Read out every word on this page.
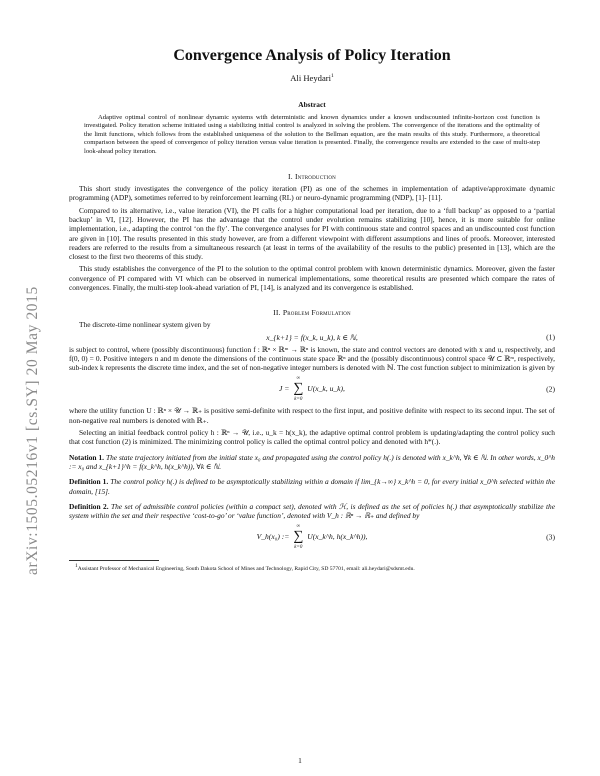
arXiv:1505.05216v1 [cs.SY] 20 May 2015
Convergence Analysis of Policy Iteration
Ali Heydari$^1$
Abstract
Adaptive optimal control of nonlinear dynamic systems with deterministic and known dynamics under a known undiscounted infinite-horizon cost function is investigated. Policy iteration scheme initiated using a stabilizing initial control is analyzed in solving the problem. The convergence of the iterations and the optimality of the limit functions, which follows from the established uniqueness of the solution to the Bellman equation, are the main results of this study. Furthermore, a theoretical comparison between the speed of convergence of policy iteration versus value iteration is presented. Finally, the convergence results are extended to the case of multi-step look-ahead policy iteration.
I. Introduction

This short study investigates the convergence of the policy iteration (PI) as one of the schemes in implementation of adaptive/approximate dynamic programming (ADP), sometimes referred to by reinforcement learning (RL) or neuro-dynamic programming (NDP), [1]- [11].

Compared to its alternative, i.e., value iteration (VI), the PI calls for a higher computational load per iteration, due to a ‘full backup’ as opposed to a ‘partial backup’ in VI, [12]. However, the PI has the advantage that the control under evolution remains stabilizing [10], hence, it is more suitable for online implementation, i.e., adapting the control ‘on the fly’. The convergence analyses for PI with continuous state and control spaces and an undiscounted cost function are given in [10]. The results presented in this study however, are from a different viewpoint with different assumptions and lines of proofs. Moreover, interested readers are referred to the results from a simultaneous research (at least in terms of the availability of the results to the public) presented in [13], which are the closest to the first two theorems of this study.

This study establishes the convergence of the PI to the solution to the optimal control problem with known deterministic dynamics. Moreover, given the faster convergence of PI compared with VI which can be observed in numerical implementations, some theoretical results are presented which compare the rates of convergences. Finally, the multi-step look-ahead variation of PI, [14], is analyzed and its convergence is established.

II. Problem Formulation

The discrete-time nonlinear system given by

x_{k+1} = f(x_k, u_k), k ∈ ℕ,	(1)

is subject to control, where (possibly discontinuous) function f : ℝⁿ × ℝᵐ → ℝⁿ is known, the state and control vectors are denoted with x and u, respectively, and f(0, 0) = 0. Positive integers n and m denote the dimensions of the continuous state space ℝⁿ and the (possibly discontinuous) control space 𝒰 ⊂ ℝᵐ, respectively, sub-index k represents the discrete time index, and the set of non-negative integer numbers is denoted with ℕ. The cost function subject to minimization is given by

J =
∞
∑
k=0
U(x_k, u_k),	(2)

where the utility function U : ℝⁿ × 𝒰 → ℝ₊ is positive semi-definite with respect to the first input, and positive definite with respect to its second input. The set of non-negative real numbers is denoted with ℝ₊.

Selecting an initial feedback control policy h : ℝⁿ → 𝒰, i.e., u_k = h(x_k), the adaptive optimal control problem is updating/adapting the control policy such that cost function (2) is minimized. The minimizing control policy is called the optimal control policy and denoted with h*(.).

Notation 1. The state trajectory initiated from the initial state x₀ and propagated using the control policy h(.) is denoted with x_k^h, ∀k ∈ ℕ. In other words, x_0^h := x₀ and x_{k+1}^h = f(x_k^h, h(x_k^h)), ∀k ∈ ℕ.

Definition 1. The control policy h(.) is defined to be asymptotically stabilizing within a domain if lim_{k→∞} x_k^h = 0, for every initial x_0^h selected within the domain, [15].

Definition 2. The set of admissible control policies (within a compact set), denoted with ℋ, is defined as the set of policies h(.) that asymptotically stabilize the system within the set and their respective ‘cost-to-go’ or ‘value function’, denoted with V_h : ℝⁿ → ℝ₊ and defined by

V_h(x₀) :=
∞
∑
k=0
U(x_k^h, h(x_k^h)),	(3)
$^1$Assistant Professor of Mechanical Engineering, South Dakota School of Mines and Technology, Rapid City, SD 57701, email: ali.heydari@sdsmt.edu.
1
